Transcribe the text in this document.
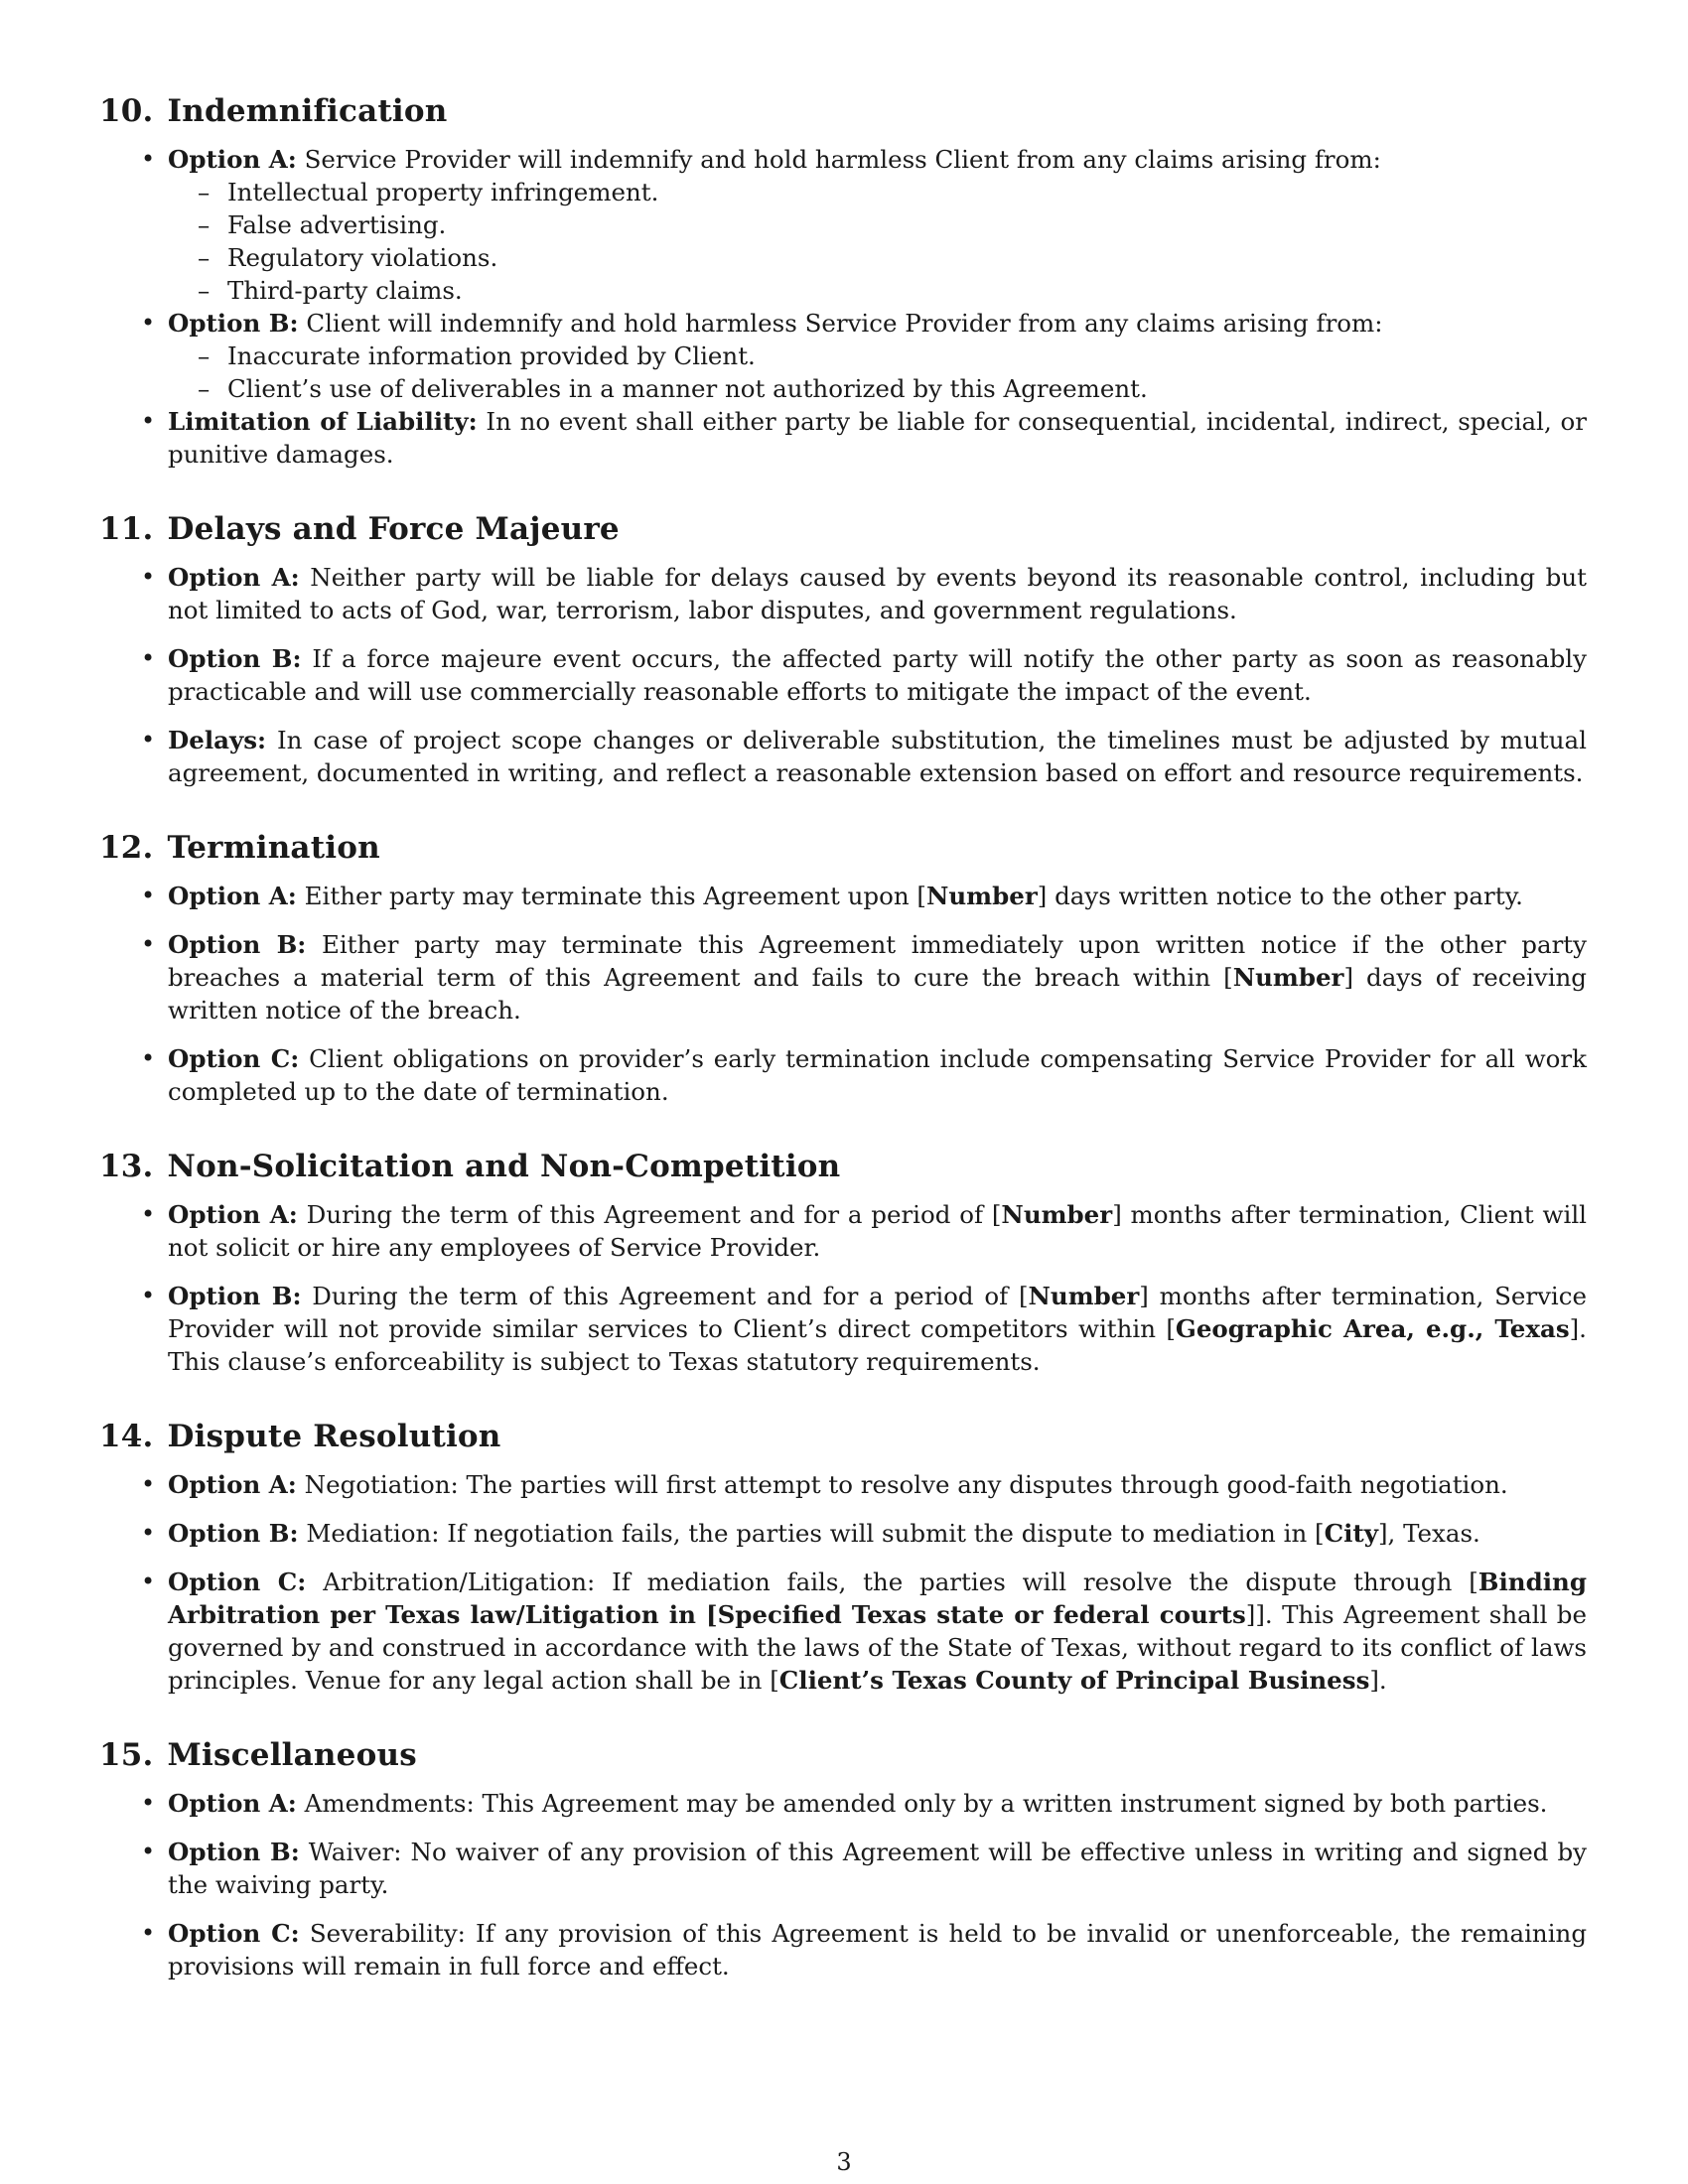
10. Indemnification
• Option A: Service Provider will indemnify and hold harmless Client from any claims arising from:
– Intellectual property infringement.
– False advertising.
– Regulatory violations.
– Third-party claims.
• Option B: Client will indemnify and hold harmless Service Provider from any claims arising from:
– Inaccurate information provided by Client.
– Client’s use of deliverables in a manner not authorized by this Agreement.
• Limitation of Liability: In no event shall either party be liable for consequential, incidental, indirect, special, or punitive damages.
11. Delays and Force Majeure
• Option A: Neither party will be liable for delays caused by events beyond its reasonable control, including but not limited to acts of God, war, terrorism, labor disputes, and government regulations.
• Option B: If a force majeure event occurs, the affected party will notify the other party as soon as reasonably practicable and will use commercially reasonable efforts to mitigate the impact of the event.
• Delays: In case of project scope changes or deliverable substitution, the timelines must be adjusted by mutual agreement, documented in writing, and reflect a reasonable extension based on effort and resource requirements.
12. Termination
• Option A: Either party may terminate this Agreement upon [Number] days written notice to the other party.
• Option B: Either party may terminate this Agreement immediately upon written notice if the other party breaches a material term of this Agreement and fails to cure the breach within [Number] days of receiving written notice of the breach.
• Option C: Client obligations on provider’s early termination include compensating Service Provider for all work completed up to the date of termination.
13. Non-Solicitation and Non-Competition
• Option A: During the term of this Agreement and for a period of [Number] months after termination, Client will not solicit or hire any employees of Service Provider.
• Option B: During the term of this Agreement and for a period of [Number] months after termination, Service Provider will not provide similar services to Client’s direct competitors within [Geographic Area, e.g., Texas]. This clause’s enforceability is subject to Texas statutory requirements.
14. Dispute Resolution
• Option A: Negotiation: The parties will first attempt to resolve any disputes through good-faith negotiation.
• Option B: Mediation: If negotiation fails, the parties will submit the dispute to mediation in [City], Texas.
• Option C: Arbitration/Litigation: If mediation fails, the parties will resolve the dispute through [Binding Arbitration per Texas law/Litigation in [Specified Texas state or federal courts]]. This Agreement shall be governed by and construed in accordance with the laws of the State of Texas, without regard to its conflict of laws principles. Venue for any legal action shall be in [Client’s Texas County of Principal Business].
15. Miscellaneous
• Option A: Amendments: This Agreement may be amended only by a written instrument signed by both parties.
• Option B: Waiver: No waiver of any provision of this Agreement will be effective unless in writing and signed by the waiving party.
• Option C: Severability: If any provision of this Agreement is held to be invalid or unenforceable, the remaining provisions will remain in full force and effect.
3
